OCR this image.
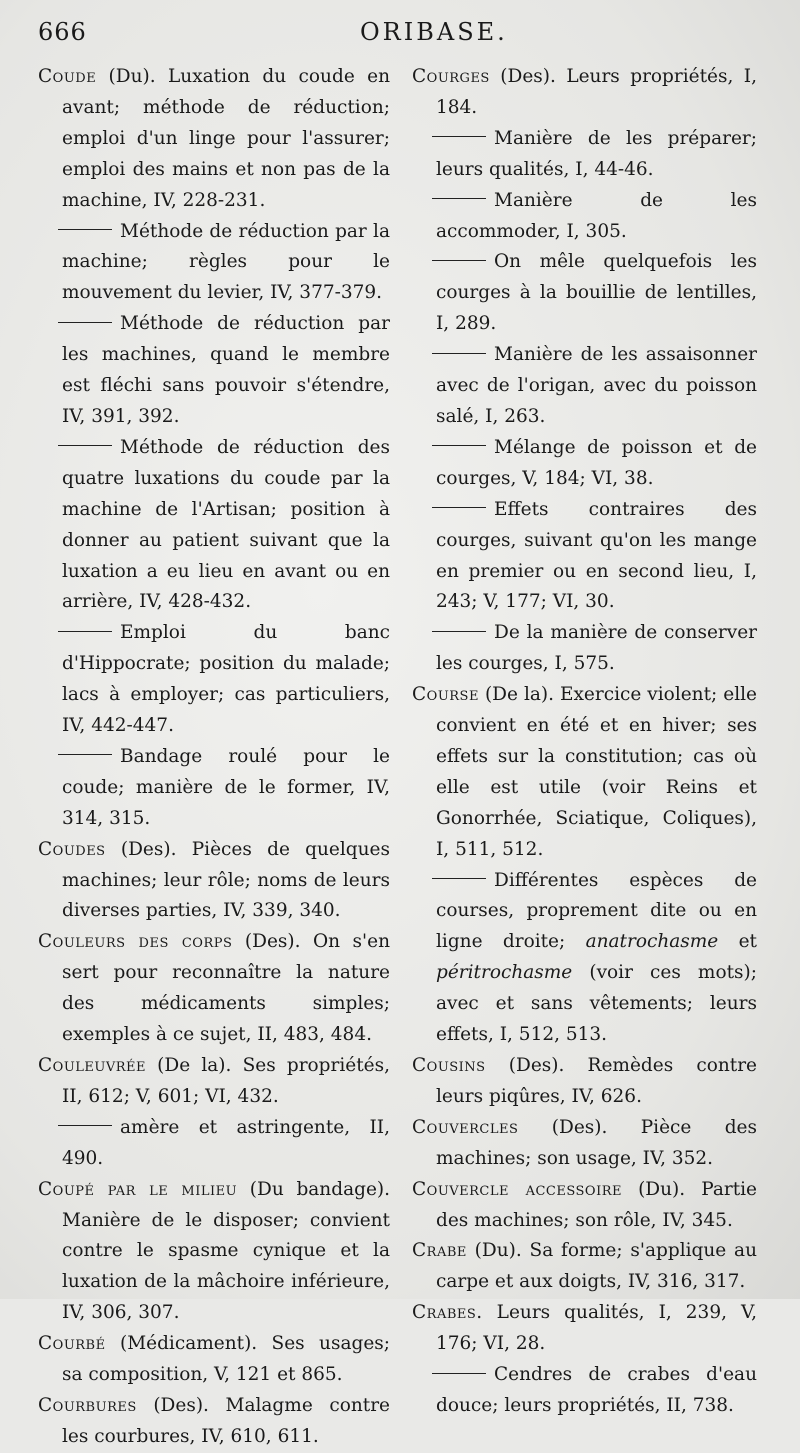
666	ORIBASE.

Coude (Du). Luxation du coude en avant; méthode de réduction; emploi d'un linge pour l'assurer; emploi des mains et non pas de la machine, IV, 228-231.

Méthode de réduction par la machine; règles pour le mouvement du levier, IV, 377-379.

Méthode de réduction par les machines, quand le membre est fléchi sans pouvoir s'étendre, IV, 391, 392.

Méthode de réduction des quatre luxations du coude par la machine de l'Artisan; position à donner au patient suivant que la luxation a eu lieu en avant ou en arrière, IV, 428-432.

Emploi du banc d'Hippocrate; position du malade; lacs à employer; cas particuliers, IV, 442-447.

Bandage roulé pour le coude; manière de le former, IV, 314, 315.

Coudes (Des). Pièces de quelques machines; leur rôle; noms de leurs diverses parties, IV, 339, 340.

Couleurs des corps (Des). On s'en sert pour reconnaître la nature des médicaments simples; exemples à ce sujet, II, 483, 484.

Couleuvrée (De la). Ses propriétés, II, 612; V, 601; VI, 432.

amère et astringente, II, 490.

Coupé par le milieu (Du bandage). Manière de le disposer; convient contre le spasme cynique et la luxation de la mâchoire inférieure, IV, 306, 307.

Courbé (Médicament). Ses usages; sa composition, V, 121 et 865.

Courbures (Des). Malagme contre les courbures, IV, 610, 611.

Courges (Des). Leurs propriétés, I, 184.

Manière de les préparer; leurs qualités, I, 44-46.

Manière de les accommoder, I, 305.

On mêle quelquefois les courges à la bouillie de lentilles, I, 289.

Manière de les assaisonner avec de l'origan, avec du poisson salé, I, 263.

Mélange de poisson et de courges, V, 184; VI, 38.

Effets contraires des courges, suivant qu'on les mange en premier ou en second lieu, I, 243; V, 177; VI, 30.

De la manière de conserver les courges, I, 575.

Course (De la). Exercice violent; elle convient en été et en hiver; ses effets sur la constitution; cas où elle est utile (voir Reins et Gonorrhée, Sciatique, Coliques), I, 511, 512.

Différentes espèces de courses, proprement dite ou en ligne droite; anatrochasme et péritrochasme (voir ces mots); avec et sans vêtements; leurs effets, I, 512, 513.

Cousins (Des). Remèdes contre leurs piqûres, IV, 626.

Couvercles (Des). Pièce des machines; son usage, IV, 352.

Couvercle accessoire (Du). Partie des machines; son rôle, IV, 345.

Crabe (Du). Sa forme; s'applique au carpe et aux doigts, IV, 316, 317.

Crabes. Leurs qualités, I, 239, V, 176; VI, 28.

Cendres de crabes d'eau douce; leurs propriétés, II, 738.
